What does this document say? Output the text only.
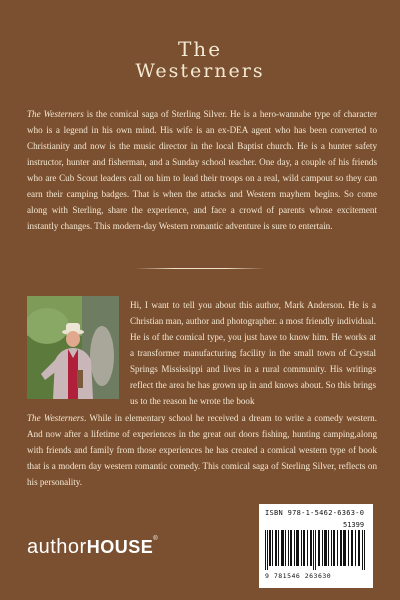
The
Westerners
The Westerners is the comical saga of Sterling Silver. He is a hero-wannabe type of character who is a legend in his own mind. His wife is an ex-DEA agent who has been converted to Christianity and now is the music director in the local Baptist church. He is a hunter safety instructor, hunter and fisherman, and a Sunday school teacher. One day, a couple of his friends who are Cub Scout leaders call on him to lead their troops on a real, wild campout so they can earn their camping badges. That is when the attacks and Western mayhem begins. So come along with Sterling, share the experience, and face a crowd of parents whose excitement instantly changes. This modern-day Western romantic adventure is sure to entertain.
Hi, I want to tell you about this author, Mark Anderson. He is a Christian man, author and photographer. a most friendly individual. He is of the comical type, you just have to know him. He works at a transformer manufacturing facility in the small town of Crystal Springs Mississippi and lives in a rural community. His writings reflect the area he has grown up in and knows about. So this brings us to the reason he wrote the book
The Westerners. While in elementary school he received a dream to write a comedy western. And now after a lifetime of experiences in the great out doors fishing, hunting camping,along with friends and family from those experiences he has created a comical western type of book that is a modern day western romantic comedy. This comical saga of Sterling Silver, reflects on his personality.
authorHOUSE®
ISBN 978-1-5462-6363-0
51399
9 781546 263630
